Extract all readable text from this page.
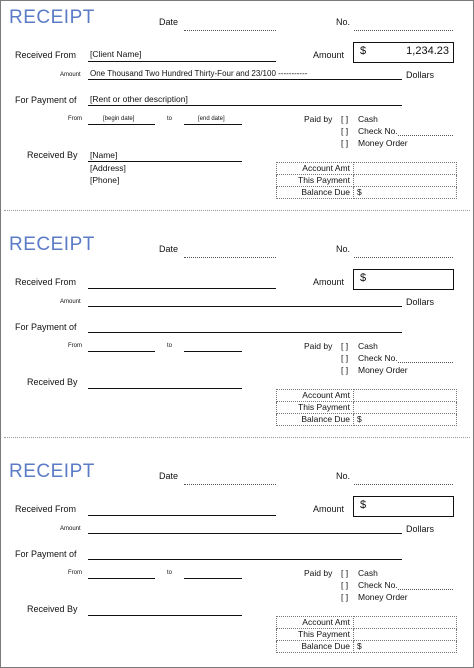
RECEIPT	Date	No.
Received From [Client Name]	Amount $	1,234.23
Amount One Thousand Two Hundred Thirty-Four and 23/100 -----------	Dollars
For Payment of [Rent or other description]
From	[begin date]	to	[end date]	Paid by [ ] Cash
[ ] Check No.
[ ] Money Order
Received By [Name]
[Address]
[Phone]
Account Amt	
This Payment	
Balance Due	$
RECEIPT	Date	No.
Received From	Amount $
Amount	Dollars
For Payment of
From	to	Paid by [ ] Cash
[ ] Check No.
[ ] Money Order
Received By
Account Amt	
This Payment	
Balance Due	$
RECEIPT	Date	No.
Received From	Amount $
Amount	Dollars
For Payment of
From	to	Paid by [ ] Cash
[ ] Check No.
[ ] Money Order
Received By
Account Amt	
This Payment	
Balance Due	$
